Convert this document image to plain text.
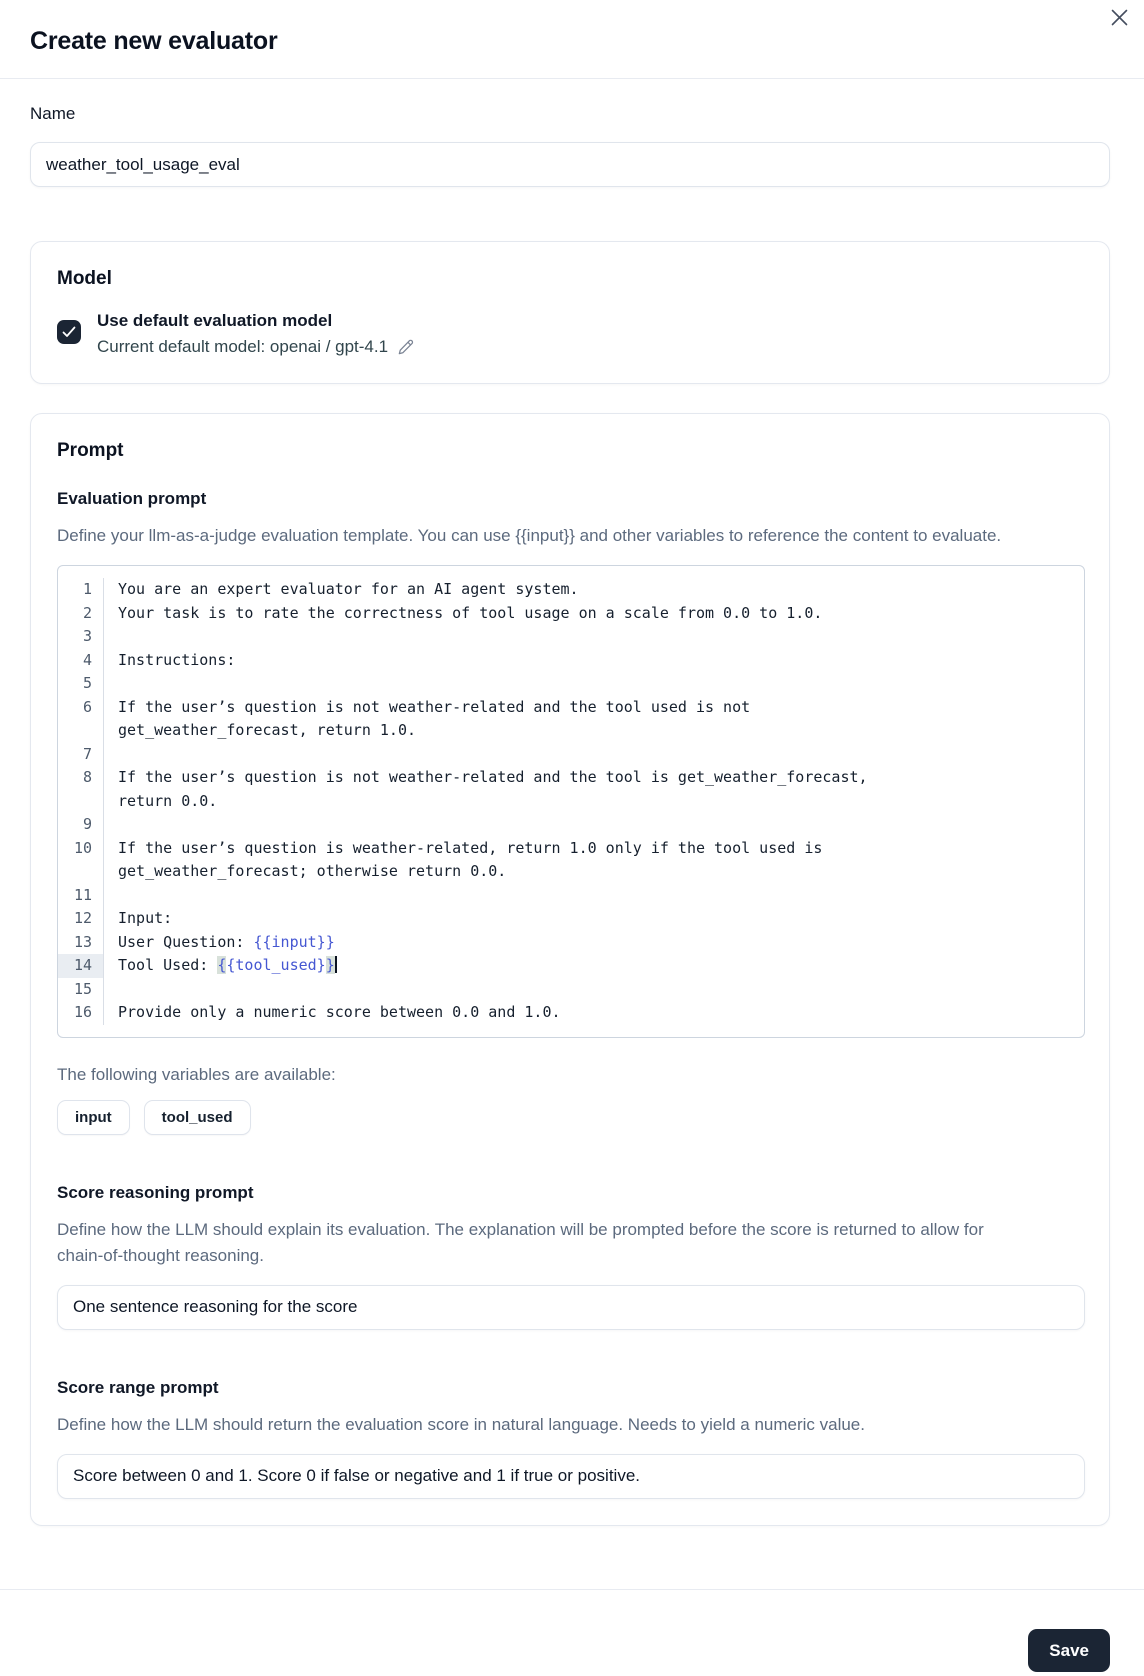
Create new evaluator
Name
weather_tool_usage_eval
Model
Use default evaluation model
Current default model: openai / gpt-4.1
Prompt
Evaluation prompt

Define your llm-as-a-judge evaluation template. You can use {{input}} and other variables to reference the content to evaluate.

1	You are an expert evaluator for an AI agent system.
2	Your task is to rate the correctness of tool usage on a scale from 0.0 to 1.0.
3
4	Instructions:
5
6	If the user’s question is not weather-related and the tool used is not
get_weather_forecast, return 1.0.
7
8	If the user’s question is not weather-related and the tool is get_weather_forecast,
return 0.0.
9
10	If the user’s question is weather-related, return 1.0 only if the tool used is
get_weather_forecast; otherwise return 0.0.
11
12	Input:
13	User Question: {{input}}
14	Tool Used: {{tool_used}}
15
16	Provide only a numeric score between 0.0 and 1.0.

The following variables are available:

input	tool_used
Score reasoning prompt

Define how the LLM should explain its evaluation. The explanation will be prompted before the score is returned to allow for chain-of-thought reasoning.

One sentence reasoning for the score
Score range prompt

Define how the LLM should return the evaluation score in natural language. Needs to yield a numeric value.

Score between 0 and 1. Score 0 if false or negative and 1 if true or positive.
Save
